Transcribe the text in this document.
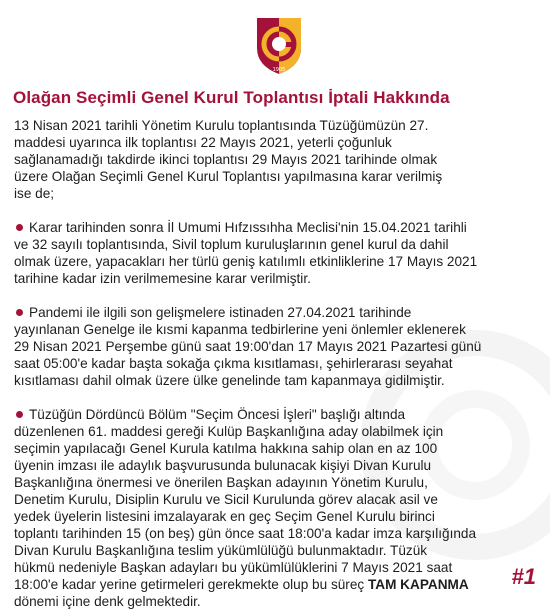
1905
Olağan Seçimli Genel Kurul Toplantısı İptali Hakkında

13 Nisan 2021 tarihli Yönetim Kurulu toplantısında Tüzüğümüzün 27.
maddesi uyarınca ilk toplantısı 22 Mayıs 2021, yeterli çoğunluk
sağlanamadığı takdirde ikinci toplantısı 29 Mayıs 2021 tarihinde olmak
üzere Olağan Seçimli Genel Kurul Toplantısı yapılmasına karar verilmiş
ise de;

Karar tarihinden sonra İl Umumi Hıfzıssıhha Meclisi'nin 15.04.2021 tarihli
ve 32 sayılı toplantısında, Sivil toplum kuruluşlarının genel kurul da dahil
olmak üzere, yapacakları her türlü geniş katılımlı etkinliklerine 17 Mayıs 2021
tarihine kadar izin verilmemesine karar verilmiştir.

Pandemi ile ilgili son gelişmelere istinaden 27.04.2021 tarihinde
yayınlanan Genelge ile kısmi kapanma tedbirlerine yeni önlemler eklenerek
29 Nisan 2021 Perşembe günü saat 19:00'dan 17 Mayıs 2021 Pazartesi günü
saat 05:00'e kadar başta sokağa çıkma kısıtlaması, şehirlerarası seyahat
kısıtlaması dahil olmak üzere ülke genelinde tam kapanmaya gidilmiştir.

Tüzüğün Dördüncü Bölüm "Seçim Öncesi İşleri" başlığı altında
düzenlenen 61. maddesi gereği Kulüp Başkanlığına aday olabilmek için
seçimin yapılacağı Genel Kurula katılma hakkına sahip olan en az 100
üyenin imzası ile adaylık başvurusunda bulunacak kişiyi Divan Kurulu
Başkanlığına önermesi ve önerilen Başkan adayının Yönetim Kurulu,
Denetim Kurulu, Disiplin Kurulu ve Sicil Kurulunda görev alacak asil ve
yedek üyelerin listesini imzalayarak en geç Seçim Genel Kurulu birinci
toplantı tarihinden 15 (on beş) gün önce saat 18:00'a kadar imza karşılığında
Divan Kurulu Başkanlığına teslim yükümlülüğü bulunmaktadır. Tüzük
hükmü nedeniyle Başkan adayları bu yükümlülüklerini 7 Mayıs 2021 saat
18:00'e kadar yerine getirmeleri gerekmekte olup bu süreç TAM KAPANMA
dönemi içine denk gelmektedir.

#1
